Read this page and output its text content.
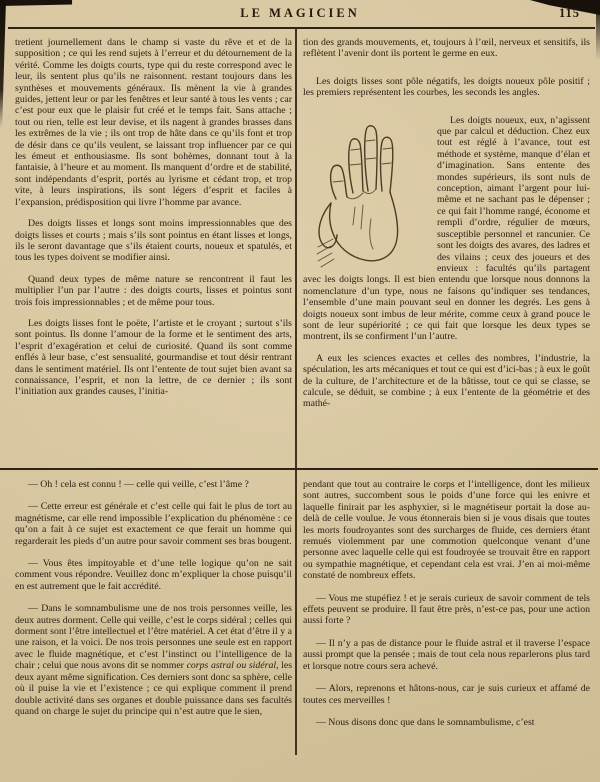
LE MAGICIEN	115

tretient journellement dans le champ si vaste du rêve et et de la supposition ; ce qui les rend sujets à l’erreur et du détournement de la vérité. Comme les doigts courts, type qui du reste correspond avec le leur, ils sentent plus qu’ils ne raisonnent. restant toujours dans les synthèses et mouvements généraux. Ils mènent la vie à grandes guides, jettent leur or par les fenêtres et leur santé à tous les vents ; car c’est pour eux que le plaisir fut créé et le temps fait. Sans attache ; tout ou rien, telle est leur devise, et ils nagent à grandes brasses dans les extrêmes de la vie ; ils ont trop de hâte dans ce qu’ils font et trop de désir dans ce qu’ils veulent, se laissant trop influencer par ce qui les émeut et enthousiasme. Ils sont bohèmes, donnant tout à la fantaisie, à l’heure et au moment. Ils manquent d’ordre et de stabilité, sont indépendants d’esprit, portés au lyrisme et cédant trop, et trop vite, à leurs inspirations, ils sont légers d’esprit et faciles à l’expansion, prédisposition qui livre l’homme par avance.

Des doigts lisses et longs sont moins impressionnables que des doigts lisses et courts ; mais s’ils sont pointus en étant lisses et longs, ils le seront davantage que s’ils étaient courts, noueux et spatulés, et tous les types doivent se modifier ainsi.

Quand deux types de même nature se rencontrent il faut les multiplier l’un par l’autre : des doigts courts, lisses et pointus sont trois fois impressionnables ; et de même pour tous.

Les doigts lisses font le poëte, l’artiste et le croyant ; surtout s’ils sont pointus. Ils donne l’amour de la forme et le sentiment des arts, l’esprit d’exagération et celui de curiosité. Quand ils sont comme enflés à leur base, c’est sensualité, gourmandise et tout désir rentrant dans le sentiment matériel. Ils ont l’entente de tout sujet bien avant sa connaissance, l’esprit, et non la lettre, de ce dernier ; ils sont l’initiation aux grandes causes, l’initia-

tion des grands mouvements, et, toujours à l’œil, nerveux et sensitifs, ils reflètent l’avenir dont ils portent le germe en eux.

Les doigts lisses sont pôle négatifs, les doigts noueux pôle positif ; les premiers représentent les courbes, les seconds les angles.

Les doigts noueux, eux, n’agissent que par calcul et déduction. Chez eux tout est réglé à l’avance, tout est méthode et système, manque d’élan et d’imagination. Sans entente des mondes supérieurs, ils sont nuls de conception, aimant l’argent pour lui-même et ne sachant pas le dépenser ; ce qui fait l’homme rangé, économe et rempli d’ordre, régulier de mœurs, susceptible personnel et rancunier. Ce sont les doigts des avares, des ladres et des vilains ; ceux des joueurs et des envieux : facultés qu’ils partagent avec les doigts longs. Il est bien entendu que lorsque nous donnons la nomenclature d’un type, nous ne faisons qu’indiquer ses tendances, l’ensemble d’une main pouvant seul en donner les degrés. Les gens à doigts noueux sont imbus de leur mérite, comme ceux à grand pouce le sont de leur supériorité ; ce qui fait que lorsque les deux types se montrent, ils se confirment l’un l’autre.

A eux les sciences exactes et celles des nombres, l’industrie, la spéculation, les arts mécaniques et tout ce qui est d’ici-bas ; à eux le goût de la culture, de l’architecture et de la bâtisse, tout ce qui se classe, se calcule, se déduit, se combine ; à eux l’entente de la géométrie et des mathé-

— Oh ! cela est connu ! — celle qui veille, c’est l’âme ?

— Cette erreur est générale et c’est celle qui fait le plus de tort au magnétisme, car elle rend impossible l’explication du phénomène : ce qu’on a fait à ce sujet est exactement ce que ferait un homme qui regarderait les pieds d’un autre pour savoir comment ses bras bougent.

— Vous êtes impitoyable et d’une telle logique qu’on ne sait comment vous répondre. Veuillez donc m’expliquer la chose puisqu’il en est autrement que le fait accrédité.

— Dans le somnambulisme une de nos trois personnes veille, les deux autres dorment. Celle qui veille, c’est le corps sidéral ; celles qui dorment sont l’être intellectuel et l’être matériel. A cet état d’être il y a une raison, et la voici. De nos trois personnes une seule est en rapport avec le fluide magnétique, et c’est l’instinct ou l’intelligence de la chair ; celui que nous avons dit se nommer corps astral ou sidéral, les deux ayant même signification. Ces derniers sont donc sa sphère, celle où il puise la vie et l’existence ; ce qui explique comment il prend double activité dans ses organes et double puissance dans ses facultés quand on charge le sujet du principe qui n’est autre que le sien,

pendant que tout au contraire le corps et l’intelligence, dont les milieux sont autres, succombent sous le poids d’une force qui les enivre et laquelle finirait par les asphyxier, si le magnétiseur portait la dose au-delà de celle voulue. Je vous étonnerais bien si je vous disais que toutes les morts foudroyantes sont des surcharges de fluide, ces derniers étant remués violemment par une commotion quelconque venant d’une personne avec laquelle celle qui est foudroyée se trouvait être en rapport ou sympathie magnétique, et cependant cela est vrai. J’en ai moi-même constaté de nombreux effets.

— Vous me stupéfiez ! et je serais curieux de savoir comment de tels effets peuvent se produire. Il faut être près, n’est-ce pas, pour une action aussi forte ?

— Il n’y a pas de distance pour le fluide astral et il traverse l’espace aussi prompt que la pensée ; mais de tout cela nous reparlerons plus tard et lorsque notre cours sera achevé.

— Alors, reprenons et hâtons-nous, car je suis curieux et affamé de toutes ces merveilles !

— Nous disons donc que dans le somnambulisme, c’est
